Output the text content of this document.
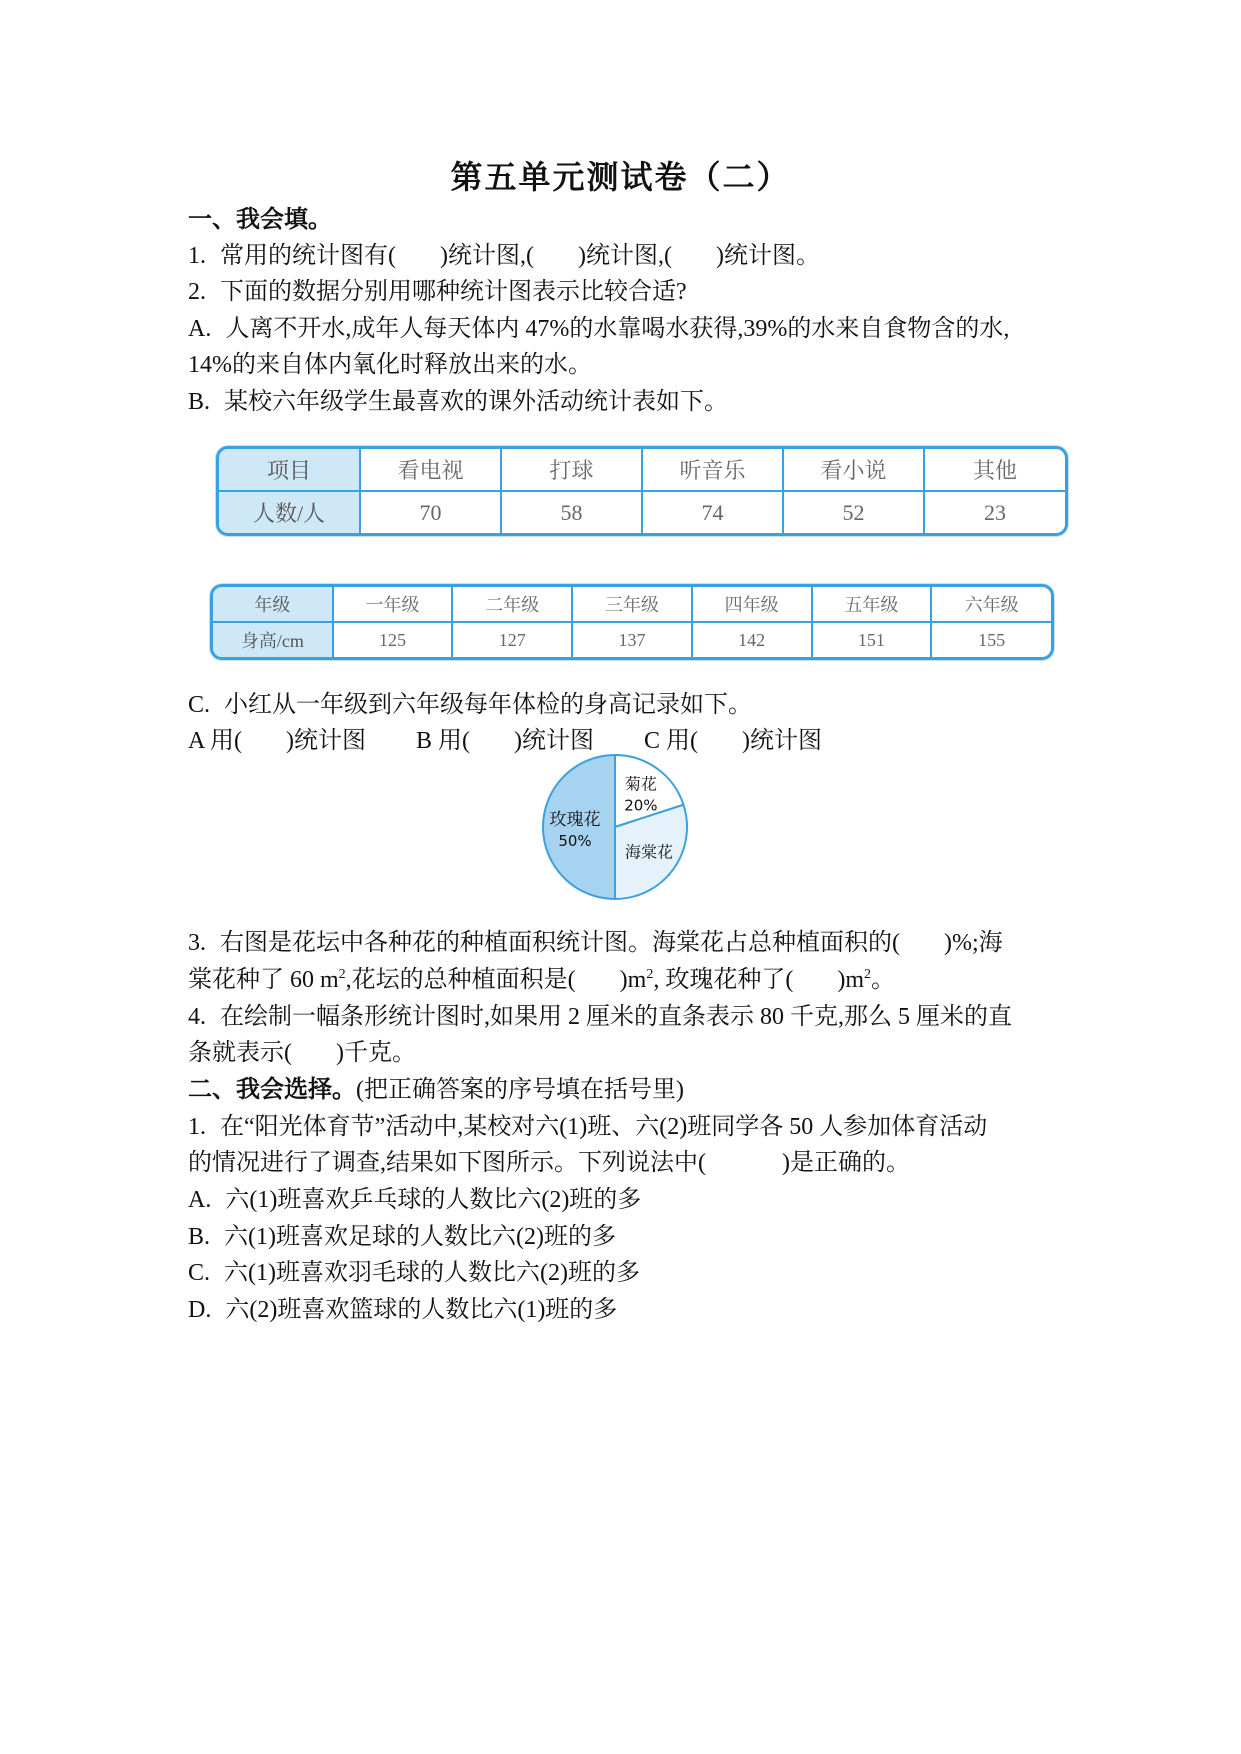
第五单元测试卷（二）
一、我会填。
1. 常用的统计图有( )统计图,( )统计图,( )统计图。
2. 下面的数据分别用哪种统计图表示比较合适?
A. 人离不开水,成年人每天体内 47%的水靠喝水获得,39%的水来自食物含的水,
14%的来自体内氧化时释放出来的水。
B. 某校六年级学生最喜欢的课外活动统计表如下。
项目	看电视	打球	听音乐	看小说	其他
人数/人	70	58	74	52	23
年级	一年级	二年级	三年级	四年级	五年级	六年级
身高/cm	125	127	137	142	151	155
C. 小红从一年级到六年级每年体检的身高记录如下。
A 用( )统计图 B 用( )统计图 C 用( )统计图
菊花
20%
海棠花
玫瑰花
50%
3. 右图是花坛中各种花的种植面积统计图。海棠花占总种植面积的( )%;海
棠花种了 60 $m^2$,花坛的总种植面积是( )$m^2$, 玫瑰花种了( )$m^2$。
4. 在绘制一幅条形统计图时,如果用 2 厘米的直条表示 80 千克,那么 5 厘米的直
条就表示( )千克。
二、我会选择。(把正确答案的序号填在括号里)
1. 在“阳光体育节”活动中,某校对六(1)班、六(2)班同学各 50 人参加体育活动
的情况进行了调查,结果如下图所示。下列说法中(	)是正确的。
A. 六(1)班喜欢乒乓球的人数比六(2)班的多
B. 六(1)班喜欢足球的人数比六(2)班的多
C. 六(1)班喜欢羽毛球的人数比六(2)班的多
D. 六(2)班喜欢篮球的人数比六(1)班的多
